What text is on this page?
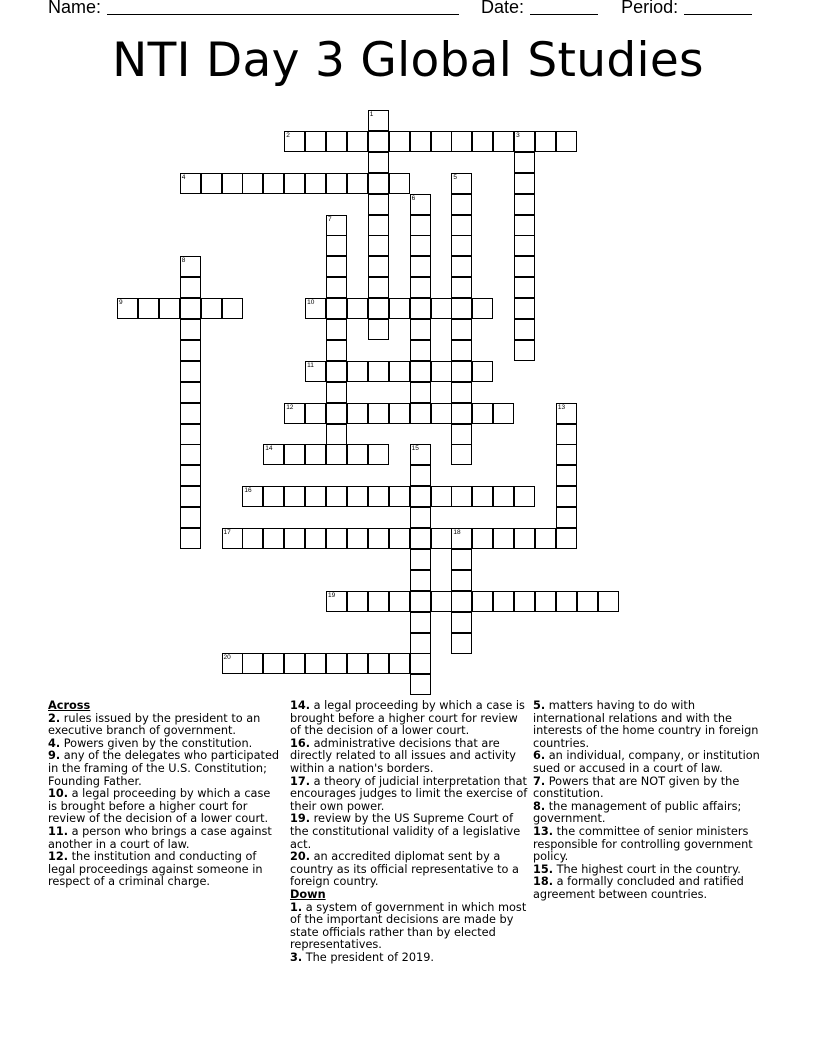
Name:	Date:	Period:
NTI Day 3 Global Studies
2	3
4
9	10
11
12
14
16
17	18
19
20
1
5
6
7
8
13
15
Across
2. rules issued by the president to an executive branch of government.
4. Powers given by the constitution.
9. any of the delegates who participated in the framing of the U.S. Constitution; Founding Father.
10. a legal proceeding by which a case is brought before a higher court for review of the decision of a lower court.
11. a person who brings a case against another in a court of law.
12. the institution and conducting of legal proceedings against someone in respect of a criminal charge.
14. a legal proceeding by which a case is brought before a higher court for review of the decision of a lower court.
16. administrative decisions that are directly related to all issues and activity within a nation's borders.
17. a theory of judicial interpretation that encourages judges to limit the exercise of their own power.
19. review by the US Supreme Court of the constitutional validity of a legislative act.
20. an accredited diplomat sent by a country as its official representative to a foreign country.
Down
1. a system of government in which most of the important decisions are made by state officials rather than by elected representatives.
3. The president of 2019.
5. matters having to do with international relations and with the interests of the home country in foreign countries.
6. an individual, company, or institution sued or accused in a court of law.
7. Powers that are NOT given by the constitution.
8. the management of public affairs; government.
13. the committee of senior ministers responsible for controlling government policy.
15. The highest court in the country.
18. a formally concluded and ratified agreement between countries.
